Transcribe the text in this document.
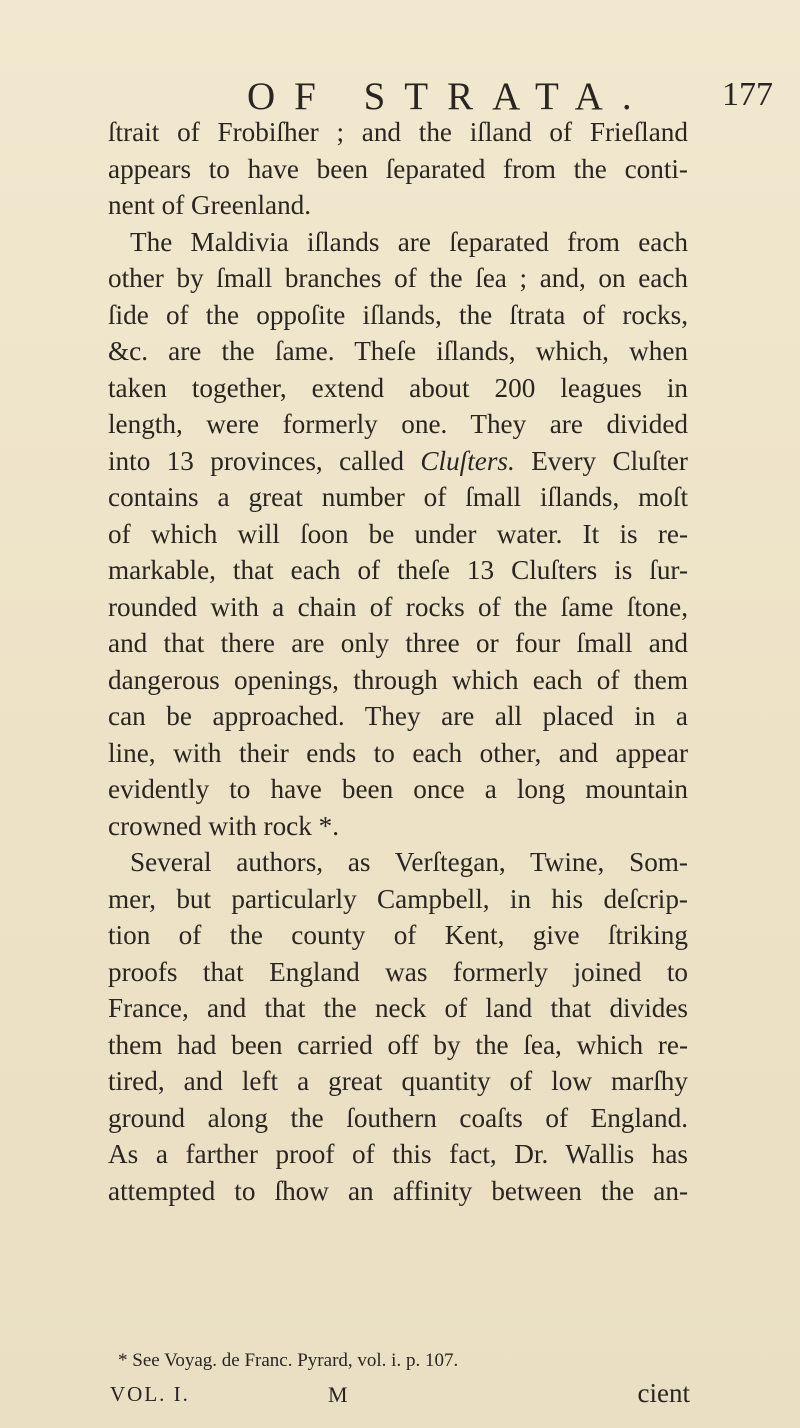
OF STRATA. 177
ſtrait of Frobiſher ; and the iſland of Frieſland
appears to have been ſeparated from the conti-
nent of Greenland.
The Maldivia iſlands are ſeparated from each
other by ſmall branches of the ſea ; and, on each
ſide of the oppoſite iſlands, the ſtrata of rocks,
&c. are the ſame. Theſe iſlands, which, when
taken together, extend about 200 leagues in
length, were formerly one. They are divided
into 13 provinces, called Cluſters. Every Cluſter
contains a great number of ſmall iſlands, moſt
of which will ſoon be under water. It is re-
markable, that each of theſe 13 Cluſters is ſur-
rounded with a chain of rocks of the ſame ſtone,
and that there are only three or four ſmall and
dangerous openings, through which each of them
can be approached. They are all placed in a
line, with their ends to each other, and appear
evidently to have been once a long mountain
crowned with rock *.
Several authors, as Verſtegan, Twine, Som-
mer, but particularly Campbell, in his deſcrip-
tion of the county of Kent, give ſtriking
proofs that England was formerly joined to
France, and that the neck of land that divides
them had been carried off by the ſea, which re-
tired, and left a great quantity of low marſhy
ground along the ſouthern coaſts of England.
As a farther proof of this fact, Dr. Wallis has
attempted to ſhow an affinity between the an-
* See Voyag. de Franc. Pyrard, vol. i. p. 107.
VOL. I.	M	cient
